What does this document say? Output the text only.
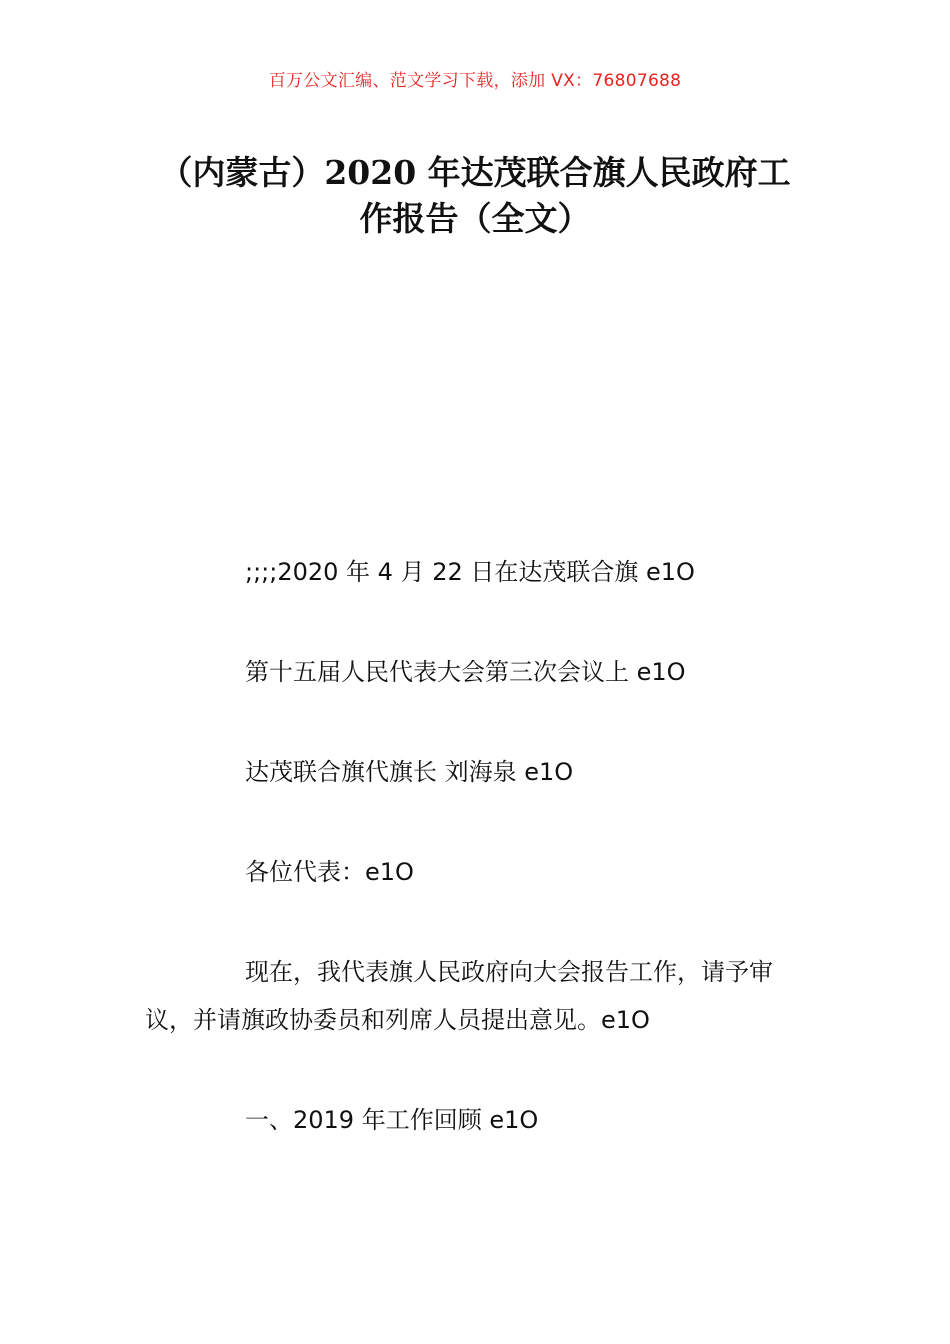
百万公文汇编、范文学习下载，添加 VX：76807688
（内蒙古）2020 年达茂联合旗人民政府工
作报告（全文）
;;;;2020 年 4 月 22 日在达茂联合旗 e1O
第十五届人民代表大会第三次会议上 e1O
达茂联合旗代旗长 刘海泉 e1O
各位代表：e1O
现在，我代表旗人民政府向大会报告工作，请予审议，并请旗政协委员和列席人员提出意见。e1O
一、2019 年工作回顾 e1O
